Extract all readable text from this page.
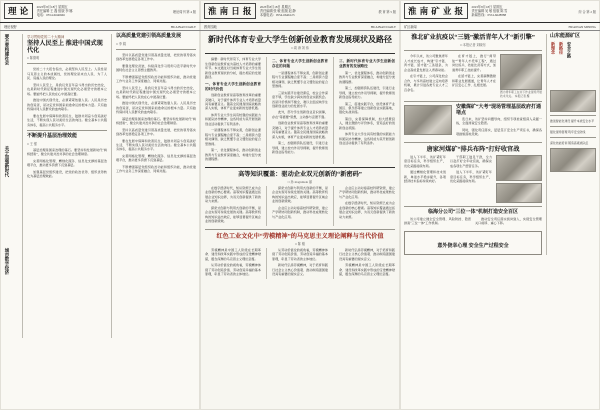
理 论	2023年8月18日 星期五
责任编辑 王 磊 组版 李 娜
电话：0554-6646666
理论周刊 第 4 版
理论视野	HUAINAN DAILY
要不要构建社会
关于加强新时代
城市数字经济
学习贯彻党的二十大精神
坚持人民至上 推进中国式现代化
□ 陈德明

党的二十大报告指出，必须坚持人民至上。人民性是马克思主义的本质属性，党的理论是来自人民、为了人民、造福人民的理论。

坚持人民至上，是我们党百年奋斗得出的历史结论，也是新时代新征程推进中国式现代化必须坚守的根本立场。要始终把人民放在心中最高位置。

推进中国式现代化，必须紧紧依靠人民。人民是历史的创造者，是决定党和国家前途命运的根本力量。只有始终保持同人民群众的血肉联系。

要在发展中保障和改善民生，鼓励共同奋斗创造美好生活，不断实现人民对美好生活的向往。健全基本公共服务体系，提高公共服务水平。

不断提升基层治理效能
□ 王 强

基层治理是国家治理的基石。要坚持和发展新时代“枫桥经验”，健全共建共治共享的社会治理制度。

完善网格化管理、精细化服务、信息化支撑的基层治理平台，推动更多资源下沉到基层。

加强基层党组织建设，把党的政治优势、组织优势转化为基层治理效能。

以高质量党建引领高质量发展
□ 李 娟

坚持以高质量党建引领高质量发展，把党的领导落实到改革发展稳定各项工作中。

要强化理论武装，持续深化学习贯彻习近平新时代中国特色社会主义思想主题教育。

不断增强基层党组织政治功能和组织功能，推动党建工作与业务工作深度融合、同频共振。

坚持人民至上，是我们党百年奋斗得出的历史结论，也是新时代新征程推进中国式现代化必须坚守的根本立场。要始终把人民放在心中最高位置。

推进中国式现代化，必须紧紧依靠人民。人民是历史的创造者，是决定党和国家前途命运的根本力量。只有始终保持同人民群众的血肉联系。

基层治理是国家治理的基石。要坚持和发展新时代“枫桥经验”，健全共建共治共享的社会治理制度。

坚持以高质量党建引领高质量发展，把党的领导落实到改革发展稳定各项工作中。

要在发展中保障和改善民生，鼓励共同奋斗创造美好生活，不断实现人民对美好生活的向往。健全基本公共服务体系，提高公共服务水平。

完善网格化管理、精细化服务、信息化支撑的基层治理平台，推动更多资源下沉到基层。

不断增强基层党组织政治功能和组织功能，推动党建工作与业务工作深度融合、同频共振。

淮 南 日 报	2023年8月18日 星期五
责任编辑 张 敏 组版 赵 静
本版电话：0554-6646123
教 育 第 5 版
教育园地	HUAINAN DAILY
新时代体育专业大学生创新创业教育发展现状及路径
□ 周 涛 刘 伟

摘要：新时代背景下，体育专业大学生创新创业教育成为高校人才培养的重要环节。本文通过对当前体育专业大学生创新创业教育现状的分析，提出相应的发展路径。

一、体育专业大学生创新创业教育的时代价值

创新创业教育是高等教育改革的重要突破口，对于提升体育专业人才培养质量具有重要意义。随着全民健身国家战略的深入实施，体育产业迎来新的发展机遇。

体育专业大学生具有较强的实践能力和团队协作精神，这些特质为其开展创新创业活动提供了有利条件。

一是课程体系不够完善，创新创业课程与专业课程融合度不高；二是师资力量相对薄弱，缺乏既懂专业又懂创业的复合型教师。

第一，优化课程体系，推动创新创业教育与专业教育深度融合，构建分层分类的课程群。

二、体育专业大学生创新创业教育存在的问题

一是课程体系不够完善，创新创业课程与专业课程融合度不高；二是师资力量相对薄弱，缺乏既懂专业又懂创业的复合型教师。

三是实践平台建设滞后，校企合作深度不够，学生缺少真实的创业实践机会。四是评价机制不健全，难以全面反映学生创新创业能力的发展水平。

此外，部分学生创新创业意识淡薄，存在“等靠要”思想，主动参与意愿不强。

创新创业教育是高等教育改革的重要突破口，对于提升体育专业人才培养质量具有重要意义。随着全民健身国家战略的深入实施，体育产业迎来新的发展机遇。

第二，加强师资队伍建设，引进行业导师，建立校内外双导师制，提升教师创新创业指导能力。

三、新时代体育专业大学生创新创业教育的发展路径

第一，优化课程体系，推动创新创业教育与专业教育深度融合，构建分层分类的课程群。

第二，加强师资队伍建设，引进行业导师，建立校内外双导师制，提升教师创新创业指导能力。

第三，搭建实践平台，依托体育产业园区、俱乐部等建立创新创业实践基地，强化实战训练。

第四，完善保障机制，加大经费投入，健全激励与评价体系，营造良好的创新创业氛围。

体育专业大学生具有较强的实践能力和团队协作精神，这些特质为其开展创新创业活动提供了有利条件。

高等知识覆盖：驱动企业双元创新的“新密码”
□ 孙 magnitude 丽

在数字经济时代，知识资源已成为企业创新的核心要素。高等知识覆盖通过拓展企业知识边界，为双元创新提供了新的动力来源。

探索式创新与利用式创新的平衡，是企业实现可持续发展的关键。高等教育机构的知识溢出效应，能够显著提升区域企业的创新绩效。

探索式创新与利用式创新的平衡，是企业实现可持续发展的关键。高等教育机构的知识溢出效应，能够显著提升区域企业的创新绩效。

企业应主动对接高校科研资源，建立产学研协同创新机制，推动科技成果转化与产业化应用。

企业应主动对接高校科研资源，建立产学研协同创新机制，推动科技成果转化与产业化应用。

在数字经济时代，知识资源已成为企业创新的核心要素。高等知识覆盖通过拓展企业知识边界，为双元创新提供了新的动力来源。

红色工业文化中“劳模精神”的马克思主义理论阐释与当代价值
□ 陈 刚

劳模精神是中国工人阶级在长期革命、建设和改革实践中形成的宝贵精神财富，蕴含深厚的马克思主义理论意蕴。

从劳动价值论的视角看，劳模精神体现了劳动创造价值、劳动创造幸福的基本原理，彰显了劳动者的主体地位。

从劳动价值论的视角看，劳模精神体现了劳动创造价值、劳动创造幸福的基本原理，彰显了劳动者的主体地位。

新时代弘扬劳模精神，对于培育和践行社会主义核心价值观、推动制造强国建设具有重要的现实意义。

新时代弘扬劳模精神，对于培育和践行社会主义核心价值观、推动制造强国建设具有重要的现实意义。

劳模精神是中国工人阶级在长期革命、建设和改革实践中形成的宝贵精神财富，蕴含深厚的马克思主义理论意蕴。

淮 南 矿 业 报	2023年8月18日 星期五
责任编辑 吴 敏 组版 陈 雪
新闻热线：0554-6628888
综 合 第 2 版
矿区新闻	HUAINAN MINING
淮北矿业抗疫以“三链”激活青年人才“新引擎”
□ 本报记者 刘晓东

今年以来，该公司聚焦青年人才成长成才，构建“引才链、育才链、留才链”三条链条，为企业高质量发展注入青春动能。

在引才链上，公司深化校企合作，与多所高校建立定向培养机制，累计引进各类专业人才三百余名。

在育才链上，推行“师带徒”“青年人才托举工程”，通过岗位练兵、技能比武等方式，加速青年职工技能提升。

在留才链上，完善薪酬激励和职业发展通道，让青年人才在矿区安心工作、扎根发展。

图为青年职工在井下作业现场开展技术攻关。 本报记者 摄
安徽煤矿“大考”现场管理基层政府打通堵点

连日来，该矿坚持问题导向，组织专项检查组深入采掘一线，全面排查安全隐患。

同时，强化责任落实，层层签订安全生产责任书，确保各项措施落地见效。

唐家河煤矿“排兵布阵”打好收官战

进入下半年，该矿紧盯年度目标任务，科学组织生产，优化采掘接续布局。

通过精细化管理和技术创新，单进水平稳步提升，各项经济技术指标持续向好。

干部职工鼓足干劲，全力以赴打好全年收官战，确保完成各项生产经营任务。

进入下半年，该矿紧盯年度目标任务，科学组织生产，优化采掘接续布局。

临海分公司“三位一体”机制打造安全百区

该公司建立健全安全管理、风险防控、隐患排查“三位一体”工作机制。

推动安全责任落实到岗到人，实现安全管理关口前移、重心下移。

意外侥幸心理 安全生产过程安全
山东能源矿区
新理念 新路径 安全之路
推进智能化建设 提升本质安全水平
强化现场管理 筑牢安全防线
深化技能培训 锻造高素质队伍
